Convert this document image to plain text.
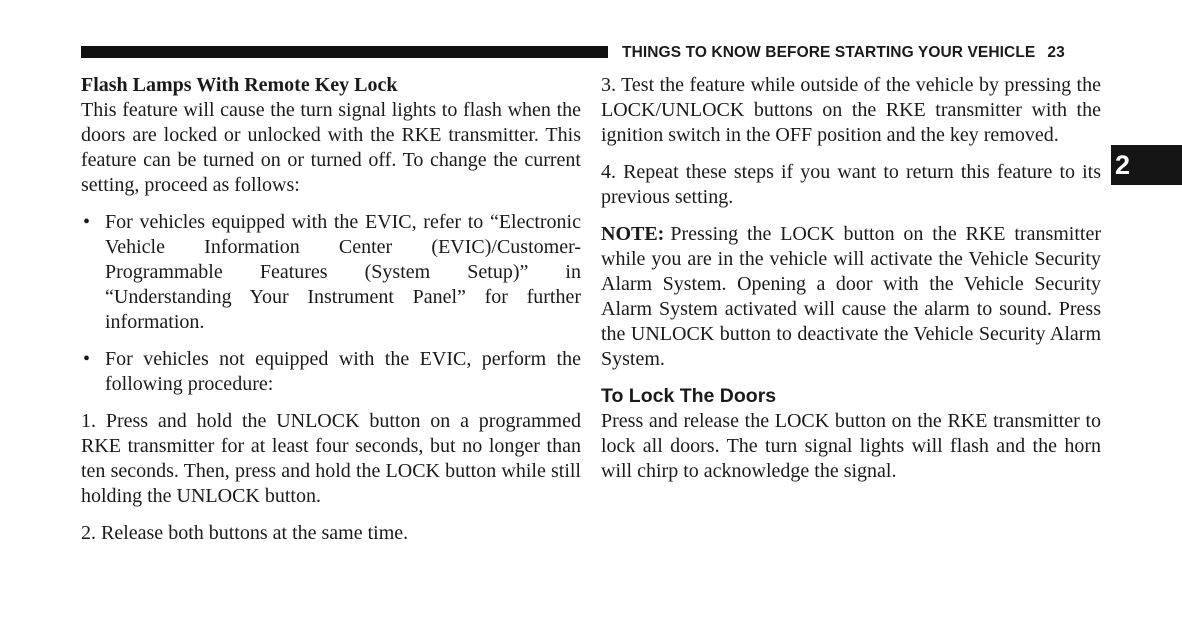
THINGS TO KNOW BEFORE STARTING YOUR VEHICLE 23
2
Flash Lamps With Remote Key Lock

This feature will cause the turn signal lights to flash when the doors are locked or unlocked with the RKE transmitter. This feature can be turned on or turned off. To change the current setting, proceed as follows:

• For vehicles equipped with the EVIC, refer to “Electronic Vehicle Information Center (EVIC)/Customer-Programmable Features (System Setup)” in “Understanding Your Instrument Panel” for further information.
• For vehicles not equipped with the EVIC, perform the following procedure:

1. Press and hold the UNLOCK button on a programmed RKE transmitter for at least four seconds, but no longer than ten seconds. Then, press and hold the LOCK button while still holding the UNLOCK button.

2. Release both buttons at the same time.

3. Test the feature while outside of the vehicle by pressing the LOCK/UNLOCK buttons on the RKE transmitter with the ignition switch in the OFF position and the key removed.

4. Repeat these steps if you want to return this feature to its previous setting.

NOTE: Pressing the LOCK button on the RKE transmitter while you are in the vehicle will activate the Vehicle Security Alarm System. Opening a door with the Vehicle Security Alarm System activated will cause the alarm to sound. Press the UNLOCK button to deactivate the Vehicle Security Alarm System.

To Lock The Doors

Press and release the LOCK button on the RKE transmitter to lock all doors. The turn signal lights will flash and the horn will chirp to acknowledge the signal.
